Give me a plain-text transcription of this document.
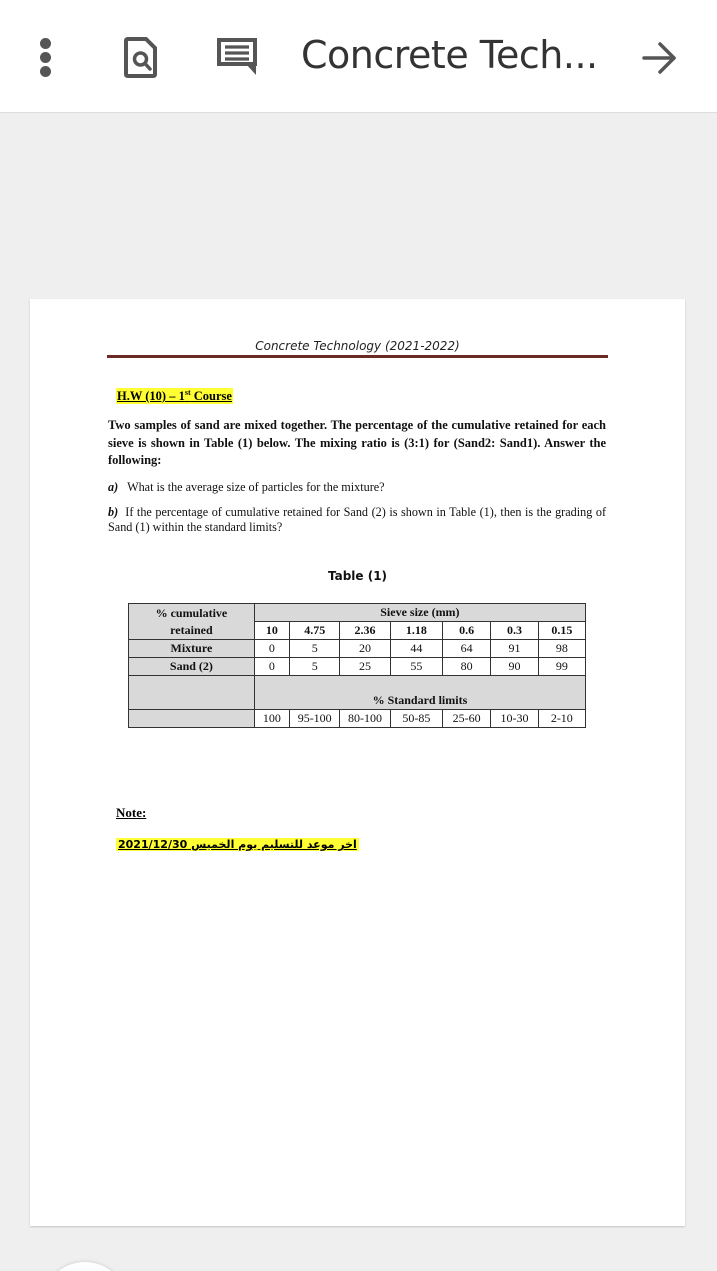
Concrete Tech...
Concrete Technology (2021-2022)
H.W (10) – 1st Course
Two samples of sand are mixed together. The percentage of the cumulative retained for each sieve is shown in Table (1) below. The mixing ratio is (3:1) for (Sand2: Sand1). Answer the following:
a) What is the average size of particles for the mixture?
b) If the percentage of cumulative retained for Sand (2) is shown in Table (1), then is the grading of Sand (1) within the standard limits?
Table (1)
% cumulative
retained	Sieve size (mm)						
	10	4.75	2.36	1.18	0.6	0.3	0.15
Mixture	0	5	20	44	64	91	98
Sand (2)	0	5	25	55	80	90	99
	% Standard limits						
	100	95-100	80-100	50-85	25-60	10-30	2-10
Note:
اخر موعد للتسليم يوم الخميس 2021/12/30
